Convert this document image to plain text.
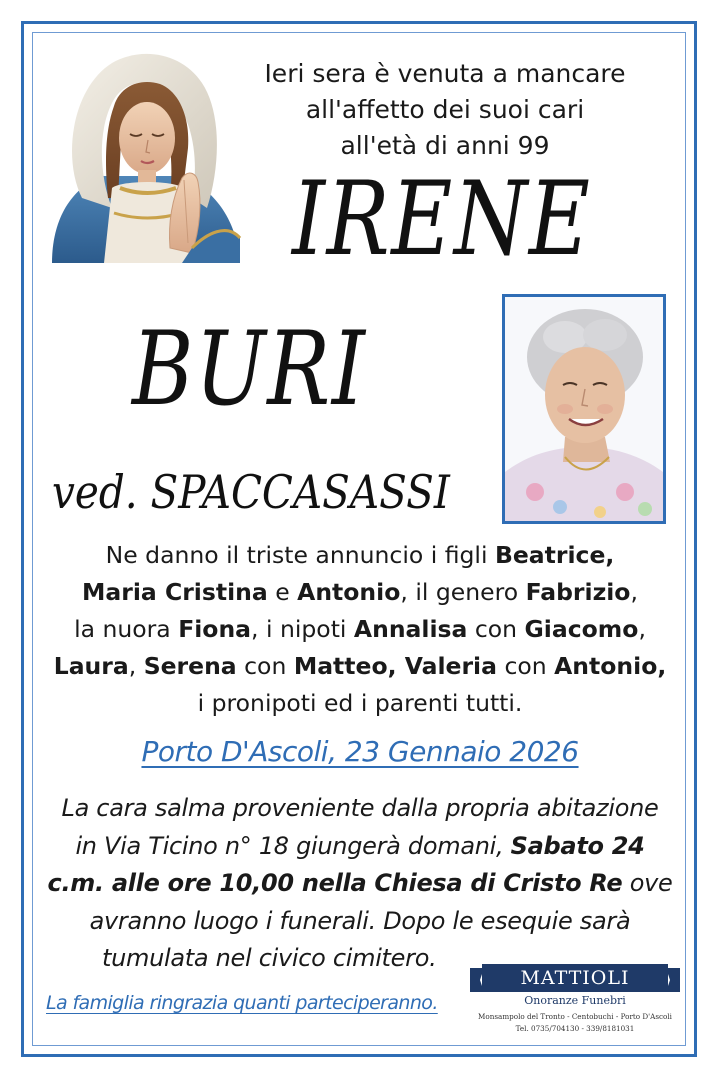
Ieri sera è venuta a mancare
all'affetto dei suoi cari
all'età di anni 99
IRENE
BURI
ved. SPACCASASSI
Ne danno il triste annuncio i figli Beatrice,
Maria Cristina e Antonio, il genero Fabrizio,
la nuora Fiona, i nipoti Annalisa con Giacomo,
Laura, Serena con Matteo, Valeria con Antonio,
i pronipoti ed i parenti tutti.
Porto D'Ascoli, 23 Gennaio 2026
La cara salma proveniente dalla propria abitazione
in Via Ticino n° 18 giungerà domani, Sabato 24
c.m. alle ore 10,00 nella Chiesa di Cristo Re ove
avranno luogo i funerali. Dopo le esequie sarà
tumulata nel civico cimitero.
La famiglia ringrazia quanti parteciperanno.
MATTIOLI
Onoranze Funebri
Monsampolo del Tronto - Centobuchi - Porto D'Ascoli
Tel. 0735/704130 - 339/8181031
